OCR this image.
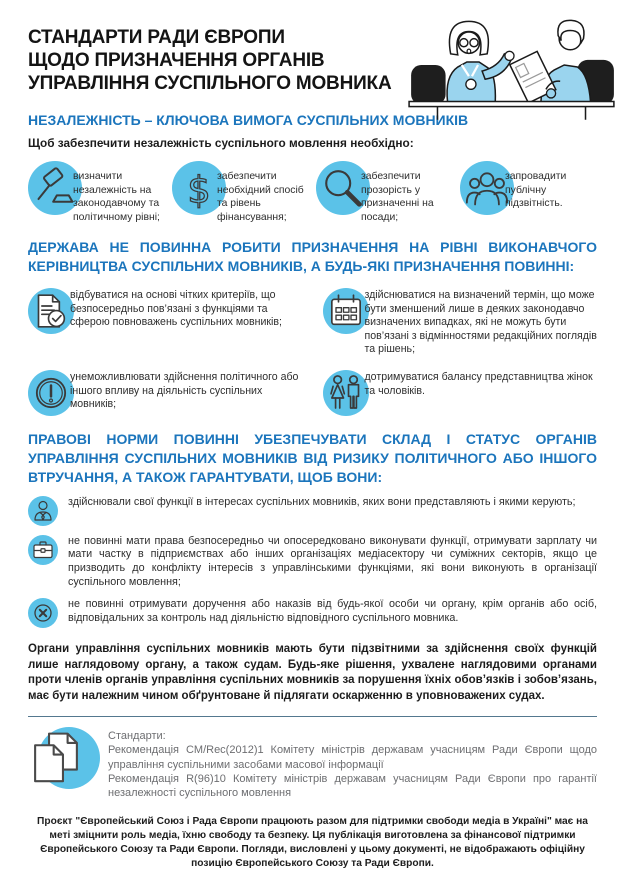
СТАНДАРТИ РАДИ ЄВРОПИ
ЩОДО ПРИЗНАЧЕННЯ ОРГАНІВ
УПРАВЛІННЯ СУСПІЛЬНОГО МОВНИКА
НЕЗАЛЕЖНІСТЬ – КЛЮЧОВА ВИМОГА СУСПІЛЬНИХ МОВНИКІВ
Щоб забезпечити незалежність суспільного мовлення необхідно:
визначити незалежність на законодавчому та політичному рівні;
$ забезпечити необхідний спосіб та рівень фінансування;
забезпечити прозорість у призначенні на посади;
запровадити публічну підзвітність.
ДЕРЖАВА НЕ ПОВИННА РОБИТИ ПРИЗНАЧЕННЯ НА РІВНІ ВИКОНАВЧОГО КЕРІВНИЦТВА СУСПІЛЬНИХ МОВНИКІВ, А БУДЬ-ЯКІ ПРИЗНАЧЕННЯ ПОВИННІ:
відбуватися на основі чітких критеріїв, що безпосередньо пов’язані з функціями та сферою повноважень суспільних мовників;
здійснюватися на визначений термін, що може бути зменшений лише в деяких законодавчо визначених випадках, які не можуть бути пов’язані з відмінностями редакційних поглядів та рішень;
унеможливлювати здійснення політичного або іншого впливу на діяльність суспільних мовників;
дотримуватися балансу представництва жінок та чоловіків.
ПРАВОВІ НОРМИ ПОВИННІ УБЕЗПЕЧУВАТИ СКЛАД І СТАТУС ОРГАНІВ УПРАВЛІННЯ СУСПІЛЬНИХ МОВНИКІВ ВІД РИЗИКУ ПОЛІТИЧНОГО АБО ІНШОГО ВТРУЧАННЯ, А ТАКОЖ ГАРАНТУВАТИ, ЩОБ ВОНИ:
здійснювали свої функції в інтересах суспільних мовників, яких вони представляють і якими керують;
не повинні мати права безпосередньо чи опосередковано виконувати функції, отримувати зарплату чи мати частку в підприємствах або інших організаціях медіасектору чи суміжних секторів, якщо це призводить до конфлікту інтересів з управлінськими функціями, які вони виконують в організації суспільного мовлення;
не повинні отримувати доручення або наказів від будь-якої особи чи органу, крім органів або осіб, відповідальних за контроль над діяльністю відповідного суспільного мовника.
Органи управління суспільних мовників мають бути підзвітними за здійснення своїх функцій лише наглядовому органу, а також судам. Будь-яке рішення, ухвалене наглядовими органами проти членів органів управління суспільних мовників за порушення їхніх обов’язків і зобов’язань, має бути належним чином обґрунтоване й підлягати оскарженню в уповноважених судах.
Стандарти:
Рекомендація CM/Rec(2012)1 Комітету міністрів державам учасницям Ради Європи щодо управління суспільними засобами масової інформації
Рекомендація R(96)10 Комітету міністрів державам учасницям Ради Європи про гарантії незалежності суспільного мовлення
Проєкт "Європейський Союз і Рада Європи працюють разом для підтримки свободи медіа в Україні" має на меті зміцнити роль медіа, їхню свободу та безпеку. Ця публікація виготовлена за фінансової підтримки Європейського Союзу та Ради Європи. Погляди, висловлені у цьому документі, не відображають офіційну позицію Європейського Союзу та Ради Європи.
